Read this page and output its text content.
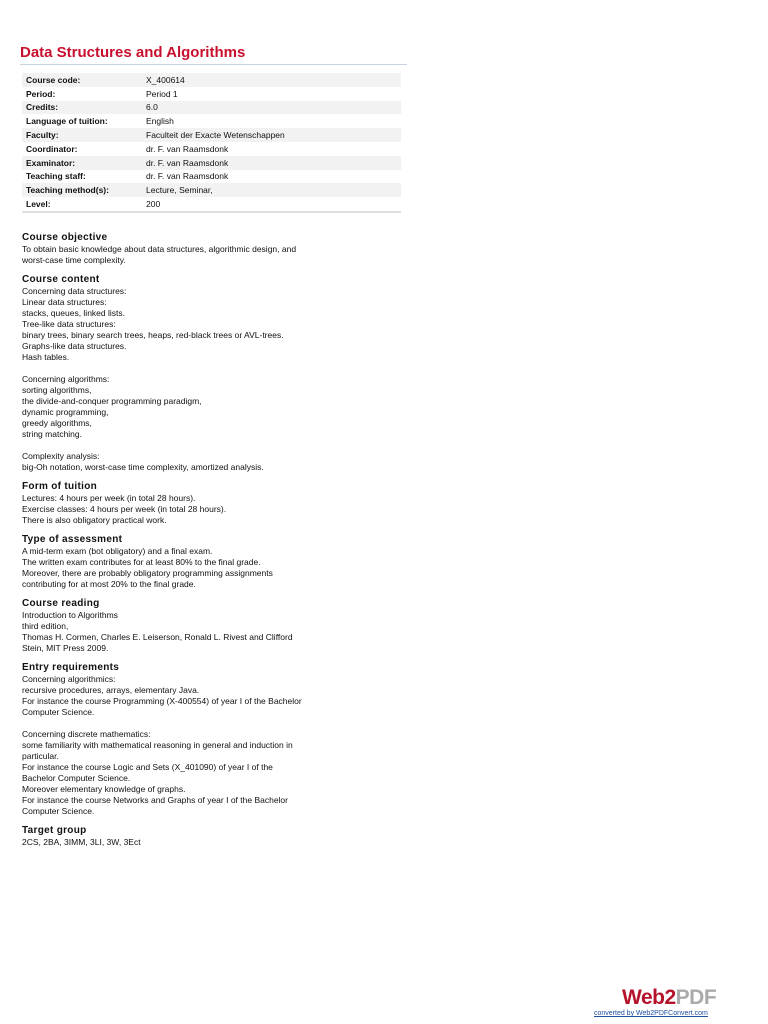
Data Structures and Algorithms
Course code:	X_400614
Period:	Period 1
Credits:	6.0
Language of tuition:	English
Faculty:	Faculteit der Exacte Wetenschappen
Coordinator:	dr. F. van Raamsdonk
Examinator:	dr. F. van Raamsdonk
Teaching staff:	dr. F. van Raamsdonk
Teaching method(s):	Lecture, Seminar,
Level:	200
Course objective
To obtain basic knowledge about data structures, algorithmic design, and
worst-case time complexity.
Course content
Concerning data structures:
Linear data structures:
stacks, queues, linked lists.
Tree-like data structures:
binary trees, binary search trees, heaps, red-black trees or AVL-trees.
Graphs-like data structures.
Hash tables.
Concerning algorithms:
sorting algorithms,
the divide-and-conquer programming paradigm,
dynamic programming,
greedy algorithms,
string matching.
Complexity analysis:
big-Oh notation, worst-case time complexity, amortized analysis.
Form of tuition
Lectures: 4 hours per week (in total 28 hours).
Exercise classes: 4 hours per week (in total 28 hours).
There is also obligatory practical work.
Type of assessment
A mid-term exam (bot obligatory) and a final exam.
The written exam contributes for at least 80% to the final grade.
Moreover, there are probably obligatory programming assignments
contributing for at most 20% to the final grade.
Course reading
Introduction to Algorithms
third edition,
Thomas H. Cormen, Charles E. Leiserson, Ronald L. Rivest and Clifford
Stein, MIT Press 2009.
Entry requirements
Concerning algorithmics:
recursive procedures, arrays, elementary Java.
For instance the course Programming (X-400554) of year I of the Bachelor
Computer Science.
Concerning discrete mathematics:
some familiarity with mathematical reasoning in general and induction in
particular.
For instance the course Logic and Sets (X_401090) of year I of the
Bachelor Computer Science.
Moreover elementary knowledge of graphs.
For instance the course Networks and Graphs of year I of the Bachelor
Computer Science.
Target group
2CS, 2BA, 3IMM, 3LI, 3W, 3Ect
Web2PDF
converted by Web2PDFConvert.com
